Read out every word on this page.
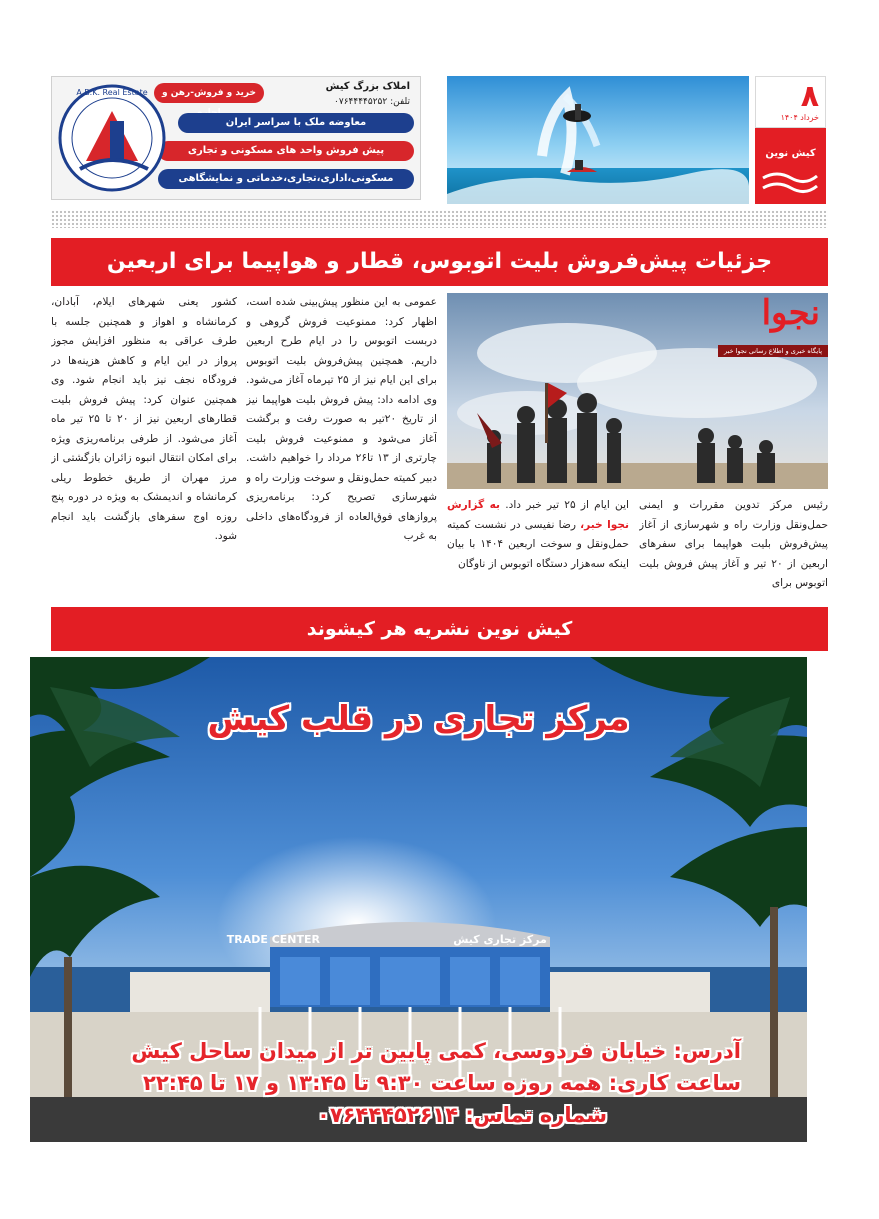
۸
خرداد ۱۴۰۴
کیش نوین
املاک بزرگ کیش
تلفن: ۰۷۶۴۴۴۴۵۲۵۲
خرید و فروش-رهن و
معاوضه ملک با سراسر ایران
پیش فروش واحد های مسکونی و تجاری
مسکونی،اداری،تجاری،خدماتی و نمایشگاهی
A.B.K. Real Estate
جزئیات پیش‌فروش بلیت اتوبوس، قطار و هواپیما برای اربعین
نجوا
پایگاه خبری و اطلاع رسانی نجوا خبر

رئیس مرکز تدوین مقررات و ایمنی حمل‌ونقل وزارت راه و شهرسازی از آغاز پیش‌فروش بلیت هواپیما برای سفرهای اربعین از ۲۰ تیر و آغاز پیش فروش بلیت اتوبوس برای

این ایام از ۲۵ تیر خبر داد. به گزارش نجوا خبر، رضا نفیسی در نشست کمیته حمل‌ونقل و سوخت اربعین ۱۴۰۴ با بیان اینکه سه‌هزار دستگاه اتوبوس از ناوگان

عمومی به این منظور پیش‌بینی شده است، اظهار کرد: ممنوعیت فروش گروهی و دربست اتوبوس را در ایام طرح اربعین داریم. همچنین پیش‌فروش بلیت اتوبوس برای این ایام نیز از ۲۵ تیرماه آغاز می‌شود. وی ادامه داد: پیش فروش بلیت هواپیما نیز از تاریخ ۲۰تیر به صورت رفت و برگشت آغاز می‌شود و ممنوعیت فروش بلیت چارتری از ۱۳ تا۲۶ مرداد را خواهیم داشت. دبیر کمیته حمل‌ونقل و سوخت وزارت راه و شهرسازی تصریح کرد: برنامه‌ریزی پروازهای فوق‌العاده از فرودگاه‌های داخلی به غرب

کشور یعنی شهرهای ایلام، آبادان، کرمانشاه و اهواز و همچنین جلسه با طرف عراقی به منظور افزایش مجوز پرواز در این ایام و کاهش هزینه‌ها در فرودگاه نجف نیز باید انجام شود. وی همچنین عنوان کرد: پیش فروش بلیت قطارهای اربعین نیز از ۲۰ تا ۲۵ تیر ماه آغاز می‌شود. از طرفی برنامه‌ریزی ویژه برای امکان انتقال انبوه زائران بازگشتی از مرز مهران از طریق خطوط ریلی کرمانشاه و اندیمشک به ویژه در دوره پنج روزه اوج سفرهای بازگشت باید انجام شود.

کیش نوین نشریه هر کیشوند
TRADE CENTER	مرکز تجاری کیش
مرکز تجاری در قلب کیش
آدرس: خیابان فردوسی، کمی پایین تر از میدان ساحل کیش
ساعت کاری: همه روزه ساعت ۹:۳۰ تا ۱۳:۴۵ و ۱۷ تا ۲۲:۴۵
شماره تماس: ۰۷۶۴۴۴۵۲۶۱۴
